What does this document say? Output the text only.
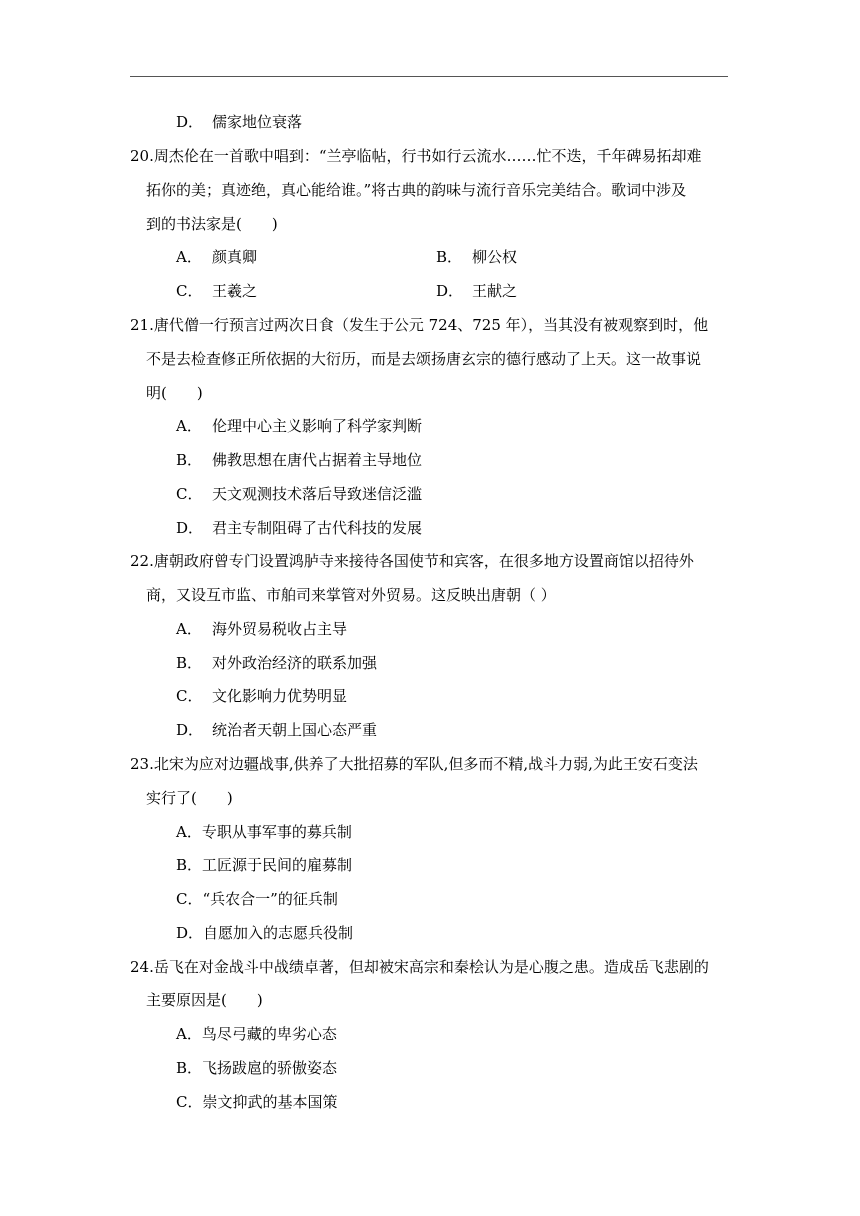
D． 儒家地位衰落
20.周杰伦在一首歌中唱到：“兰亭临帖，行书如行云流水……忙不迭，千年碑易拓却难
拓你的美；真迹绝，真心能给谁。”将古典的韵味与流行音乐完美结合。歌词中涉及
到的书法家是(　　)
A． 颜真卿	B． 柳公权
C． 王羲之	D． 王献之
21.唐代僧一行预言过两次日食（发生于公元 724、725 年），当其没有被观察到时，他
不是去检查修正所依据的大衍历，而是去颂扬唐玄宗的德行感动了上天。这一故事说
明(　　)
A． 伦理中心主义影响了科学家判断
B． 佛教思想在唐代占据着主导地位
C． 天文观测技术落后导致迷信泛滥
D． 君主专制阻碍了古代科技的发展
22.唐朝政府曾专门设置鸿胪寺来接待各国使节和宾客，在很多地方设置商馆以招待外
商，又设互市监、市舶司来掌管对外贸易。这反映出唐朝（ ）
A． 海外贸易税收占主导
B． 对外政治经济的联系加强
C． 文化影响力优势明显
D． 统治者天朝上国心态严重
23.北宋为应对边疆战事,供养了大批招募的军队,但多而不精,战斗力弱,为此王安石变法
实行了(　　)
A．专职从事军事的募兵制
B．工匠源于民间的雇募制
C．“兵农合一”的征兵制
D．自愿加入的志愿兵役制
24.岳飞在对金战斗中战绩卓著，但却被宋高宗和秦桧认为是心腹之患。造成岳飞悲剧的
主要原因是(　　)
A．鸟尽弓藏的卑劣心态
B．飞扬跋扈的骄傲姿态
C．崇文抑武的基本国策
